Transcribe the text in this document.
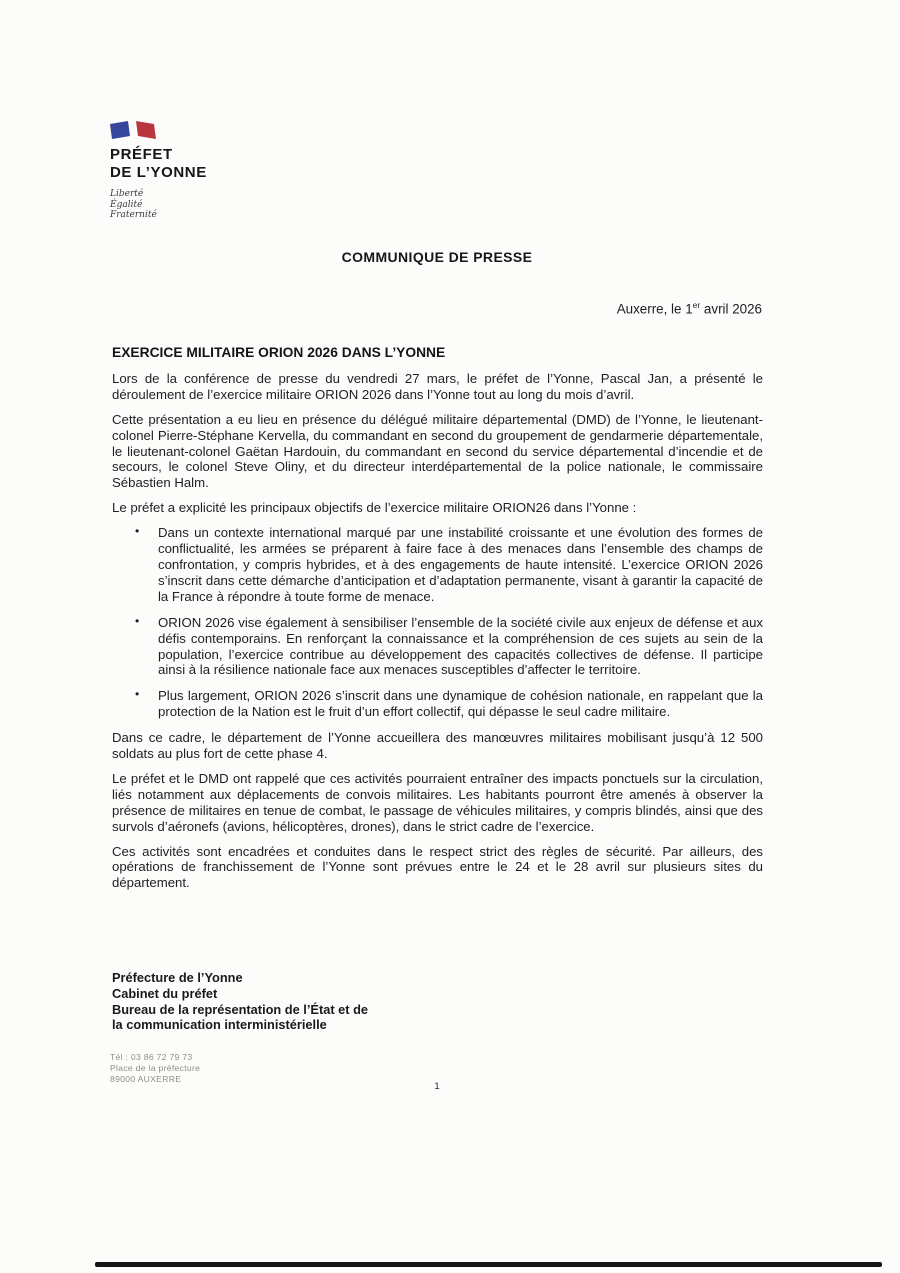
PRÉFET
DE L’YONNE
Liberté
Égalité
Fraternité
COMMUNIQUE DE PRESSE
Auxerre, le 1er avril 2026
EXERCICE MILITAIRE ORION 2026 DANS L’YONNE

Lors de la conférence de presse du vendredi 27 mars, le préfet de l’Yonne, Pascal Jan, a présenté le déroulement de l’exercice militaire ORION 2026 dans l’Yonne tout au long du mois d’avril.

Cette présentation a eu lieu en présence du délégué militaire départemental (DMD) de l’Yonne, le lieutenant-colonel Pierre-Stéphane Kervella, du commandant en second du groupement de gendarmerie départementale, le lieutenant-colonel Gaëtan Hardouin, du commandant en second du service départemental d’incendie et de secours, le colonel Steve Oliny, et du directeur interdépartemental de la police nationale, le commissaire Sébastien Halm.

Le préfet a explicité les principaux objectifs de l’exercice militaire ORION26 dans l’Yonne :

• Dans un contexte international marqué par une instabilité croissante et une évolution des formes de conflictualité, les armées se préparent à faire face à des menaces dans l’ensemble des champs de confrontation, y compris hybrides, et à des engagements de haute intensité. L’exercice ORION 2026 s’inscrit dans cette démarche d’anticipation et d’adaptation permanente, visant à garantir la capacité de la France à répondre à toute forme de menace.
• ORION 2026 vise également à sensibiliser l’ensemble de la société civile aux enjeux de défense et aux défis contemporains. En renforçant la connaissance et la compréhension de ces sujets au sein de la population, l’exercice contribue au développement des capacités collectives de défense. Il participe ainsi à la résilience nationale face aux menaces susceptibles d’affecter le territoire.
• Plus largement, ORION 2026 s’inscrit dans une dynamique de cohésion nationale, en rappelant que la protection de la Nation est le fruit d’un effort collectif, qui dépasse le seul cadre militaire.

Dans ce cadre, le département de l’Yonne accueillera des manœuvres militaires mobilisant jusqu’à 12 500 soldats au plus fort de cette phase 4.

Le préfet et le DMD ont rappelé que ces activités pourraient entraîner des impacts ponctuels sur la circulation, liés notamment aux déplacements de convois militaires. Les habitants pourront être amenés à observer la présence de militaires en tenue de combat, le passage de véhicules militaires, y compris blindés, ainsi que des survols d’aéronefs (avions, hélicoptères, drones), dans le strict cadre de l’exercice.

Ces activités sont encadrées et conduites dans le respect strict des règles de sécurité. Par ailleurs, des opérations de franchissement de l’Yonne sont prévues entre le 24 et le 28 avril sur plusieurs sites du département.

Préfecture de l’Yonne
Cabinet du préfet
Bureau de la représentation de l’État et de
la communication interministérielle
Tél : 03 86 72 79 73
Place de la préfecture
89000 AUXERRE
1
